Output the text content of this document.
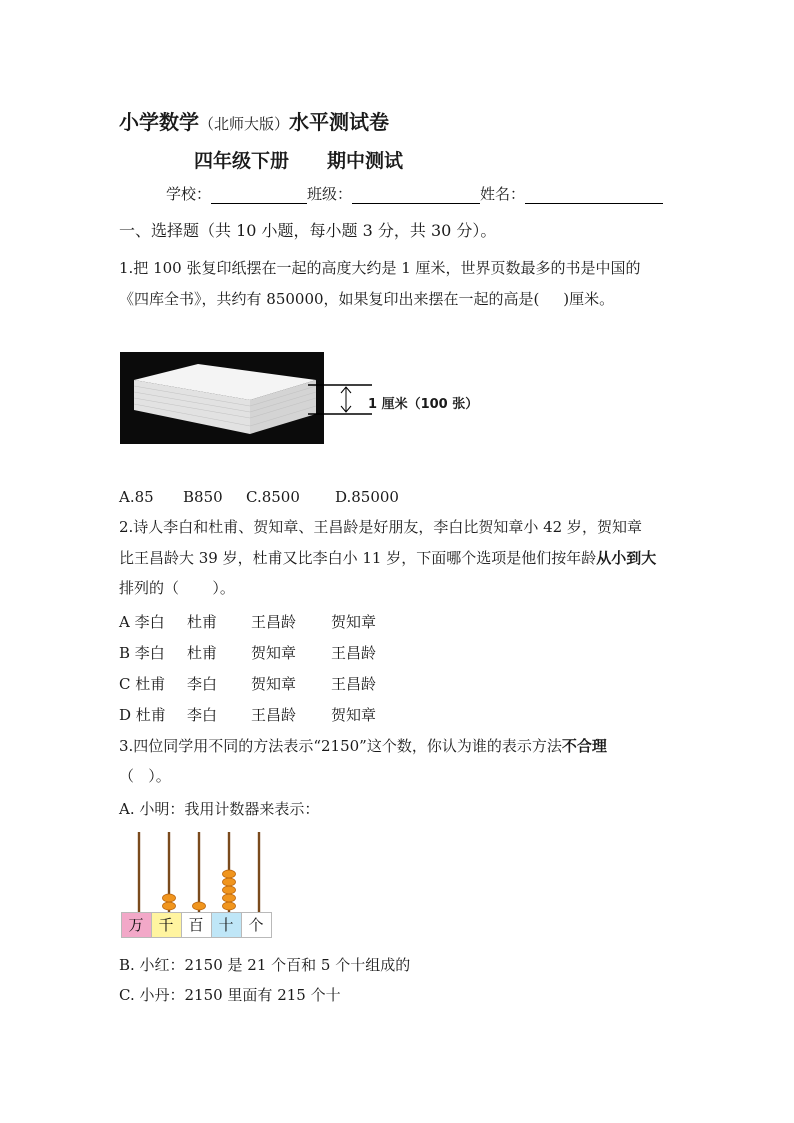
小学数学（北师大版）水平测试卷
四年级下册 期中测试
学校：	班级：	姓名：
一、选择题（共 10 小题，每小题 3 分，共 30 分）。
1.把 100 张复印纸摆在一起的高度大约是 1 厘米，世界页数最多的书是中国的
《四库全书》，共约有 850000，如果复印出来摆在一起的高是(     )厘米。
1 厘米（100 张）
A.85 B850 C.8500 D.85000
2.诗人李白和杜甫、贺知章、王昌龄是好朋友，李白比贺知章小 42 岁，贺知章
比王昌龄大 39 岁，杜甫又比李白小 11 岁，下面哪个选项是他们按年龄从小到大
排列的（       ）。
A 李白 杜甫 王昌龄 贺知章
B 李白 杜甫 贺知章 王昌龄
C 杜甫 李白 贺知章 王昌龄
D 杜甫 李白 王昌龄 贺知章
3.四位同学用不同的方法表示“2150”这个数，你认为谁的表示方法不合理
（   ）。
A. 小明：我用计数器来表示：
万 千 百 十 个
B. 小红：2150 是 21 个百和 5 个十组成的
C. 小丹：2150 里面有 215 个十
